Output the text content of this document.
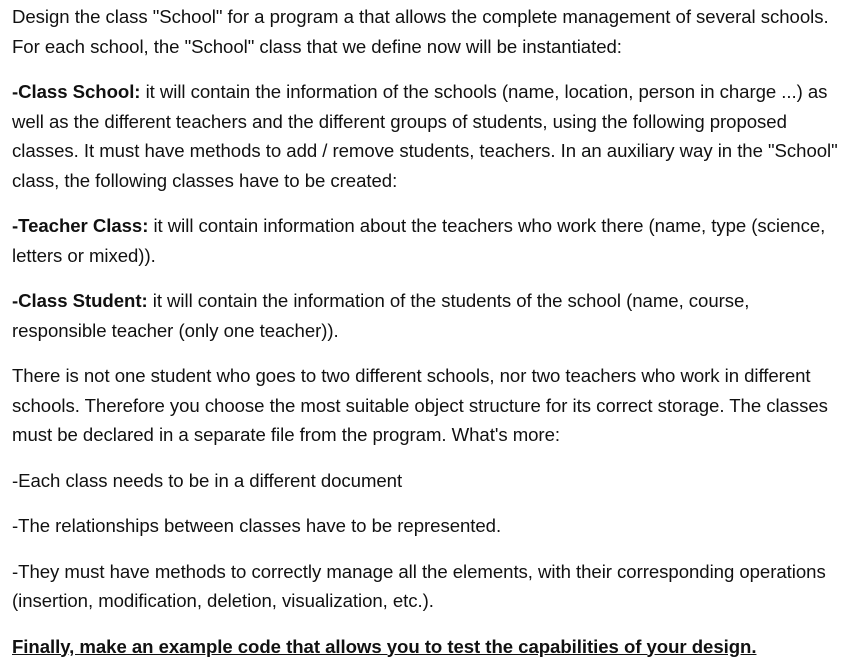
Design the class "School" for a program a that allows the complete management of several schools. For each school, the "School" class that we define now will be instantiated:

-Class School: it will contain the information of the schools (name, location, person in charge ...) as well as the different teachers and the different groups of students, using the following proposed classes. It must have methods to add / remove students, teachers. In an auxiliary way in the "School" class, the following classes have to be created:

-Teacher Class: it will contain information about the teachers who work there (name, type (science, letters or mixed)).

-Class Student: it will contain the information of the students of the school (name, course, responsible teacher (only one teacher)).

There is not one student who goes to two different schools, nor two teachers who work in different schools. Therefore you choose the most suitable object structure for its correct storage. The classes must be declared in a separate file from the program. What's more:

-Each class needs to be in a different document

-The relationships between classes have to be represented.

-They must have methods to correctly manage all the elements, with their corresponding operations (insertion, modification, deletion, visualization, etc.).

Finally, make an example code that allows you to test the capabilities of your design.
